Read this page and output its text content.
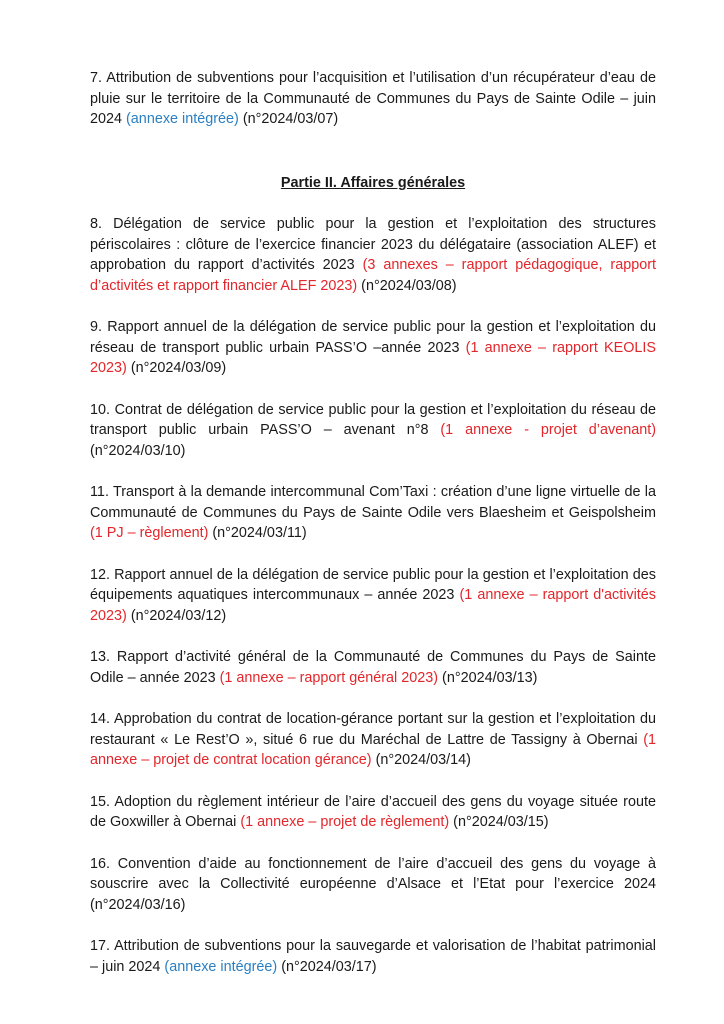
7. Attribution de subventions pour l’acquisition et l’utilisation d’un récupérateur d’eau de pluie sur le territoire de la Communauté de Communes du Pays de Sainte Odile – juin 2024 (annexe intégrée) (n°2024/03/07)

Partie II. Affaires générales

8. Délégation de service public pour la gestion et l’exploitation des structures périscolaires : clôture de l’exercice financier 2023 du délégataire (association ALEF) et approbation du rapport d’activités 2023 (3 annexes – rapport pédagogique, rapport d’activités et rapport financier ALEF 2023) (n°2024/03/08)

9. Rapport annuel de la délégation de service public pour la gestion et l’exploitation du réseau de transport public urbain PASS’O –année 2023 (1 annexe – rapport KEOLIS 2023) (n°2024/03/09)

10. Contrat de délégation de service public pour la gestion et l’exploitation du réseau de transport public urbain PASS’O – avenant n°8 (1 annexe - projet d’avenant) (n°2024/03/10)

11. Transport à la demande intercommunal Com’Taxi : création d’une ligne virtuelle de la Communauté de Communes du Pays de Sainte Odile vers Blaesheim et Geispolsheim (1 PJ – règlement) (n°2024/03/11)

12. Rapport annuel de la délégation de service public pour la gestion et l’exploitation des équipements aquatiques intercommunaux – année 2023 (1 annexe – rapport d'activités 2023) (n°2024/03/12)

13. Rapport d’activité général de la Communauté de Communes du Pays de Sainte Odile – année 2023 (1 annexe – rapport général 2023) (n°2024/03/13)

14. Approbation du contrat de location-gérance portant sur la gestion et l’exploitation du restaurant « Le Rest’O », situé 6 rue du Maréchal de Lattre de Tassigny à Obernai (1 annexe – projet de contrat location gérance) (n°2024/03/14)

15. Adoption du règlement intérieur de l’aire d’accueil des gens du voyage située route de Goxwiller à Obernai (1 annexe – projet de règlement) (n°2024/03/15)

16. Convention d’aide au fonctionnement de l’aire d’accueil des gens du voyage à souscrire avec la Collectivité européenne d’Alsace et l’Etat pour l’exercice 2024 (n°2024/03/16)

17. Attribution de subventions pour la sauvegarde et valorisation de l’habitat patrimonial – juin 2024 (annexe intégrée) (n°2024/03/17)
